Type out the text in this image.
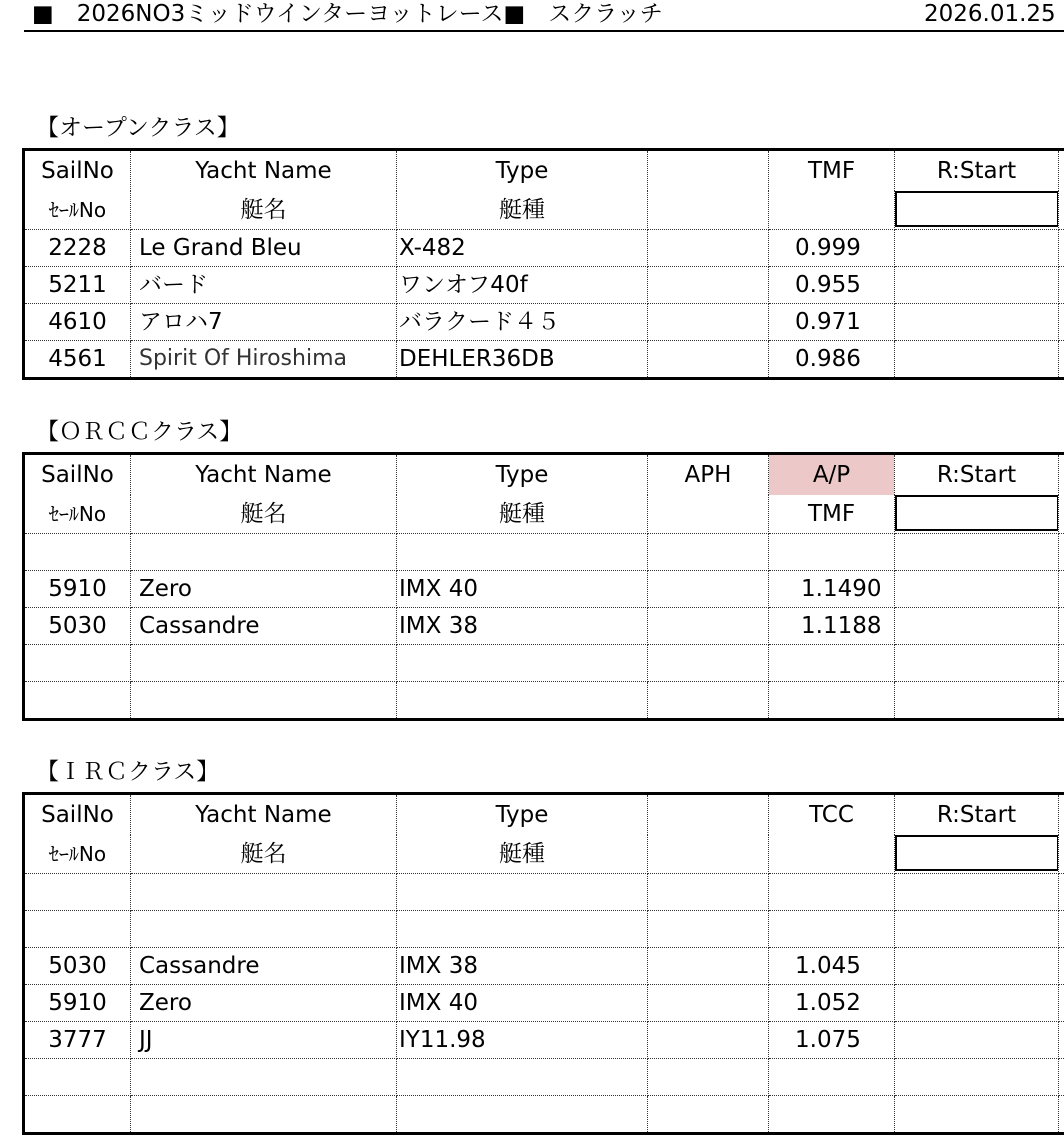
■　2026NO3ミッドウインターヨットレース■　スクラッチ	2026.01.25
【オープンクラス】
SailNo	Yacht Name	Type		TMF	R:Start	
ｾｰﾙNo	艇名	艇種			

2228	Le Grand Bleu	X-482		0.999		
5211	バード	ワンオフ40f		0.955		
4610	アロハ7	バラクード４５		0.971		
4561	Spirit Of Hiroshima	DEHLER36DB		0.986		
【ＯＲＣＣクラス】
SailNo	Yacht Name	Type	APH	A/P	R:Start	
ｾｰﾙNo	艇名	艇種		TMF	

5910	Zero	IMX 40		1.1490		
5030	Cassandre	IMX 38		1.1188		

【ＩＲＣクラス】
SailNo	Yacht Name	Type		TCC	R:Start	
ｾｰﾙNo	艇名	艇種			

5030	Cassandre	IMX 38		1.045		
5910	Zero	IMX 40		1.052		
3777	JJ	IY11.98		1.075		
